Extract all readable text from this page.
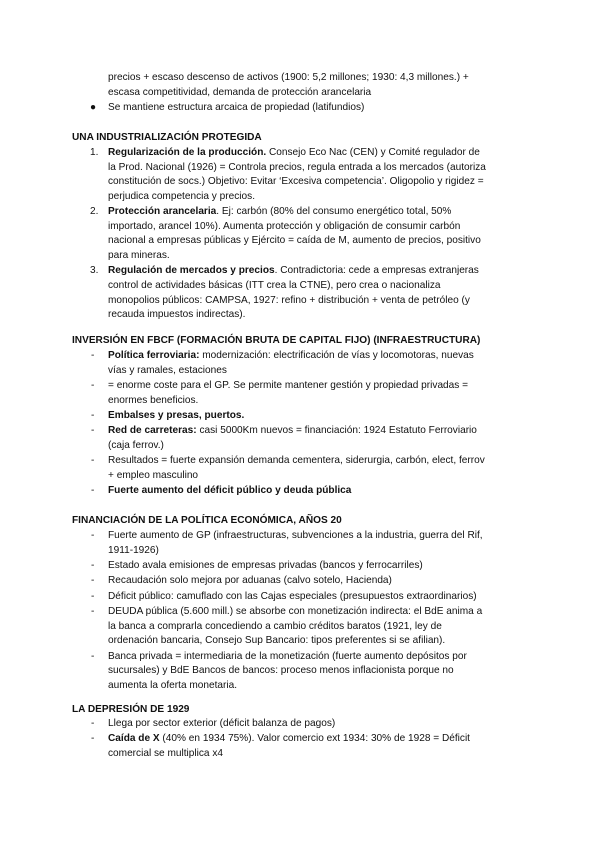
precios + escaso descenso de activos (1900: 5,2 millones; 1930: 4,3 millones.) +
escasa competitividad, demanda de protección arancelaria
● Se mantiene estructura arcaica de propiedad (latifundios)
UNA INDUSTRIALIZACIÓN PROTEGIDA
1. Regularización de la producción. Consejo Eco Nac (CEN) y Comité regulador de
la Prod. Nacional (1926) = Controla precios, regula entrada a los mercados (autoriza
constitución de socs.) Objetivo: Evitar ‘Excesiva competencia’. Oligopolio y rigidez =
perjudica competencia y precios.
2. Protección arancelaria. Ej: carbón (80% del consumo energético total, 50%
importado, arancel 10%). Aumenta protección y obligación de consumir carbón
nacional a empresas públicas y Ejército = caída de M, aumento de precios, positivo
para mineras.
3. Regulación de mercados y precios. Contradictoria: cede a empresas extranjeras
control de actividades básicas (ITT crea la CTNE), pero crea o nacionaliza
monopolios públicos: CAMPSA, 1927: refino + distribución + venta de petróleo (y
recauda impuestos indirectas).
INVERSIÓN EN FBCF (FORMACIÓN BRUTA DE CAPITAL FIJO) (INFRAESTRUCTURA)
- Política ferroviaria: modernización: electrificación de vías y locomotoras, nuevas
vías y ramales, estaciones
- = enorme coste para el GP. Se permite mantener gestión y propiedad privadas =
enormes beneficios.
- Embalses y presas, puertos.
- Red de carreteras: casi 5000Km nuevos = financiación: 1924 Estatuto Ferroviario
(caja ferrov.)
- Resultados = fuerte expansión demanda cementera, siderurgia, carbón, elect, ferrov
+ empleo masculino
- Fuerte aumento del déficit público y deuda pública
FINANCIACIÓN DE LA POLÍTICA ECONÓMICA, AÑOS 20
- Fuerte aumento de GP (infraestructuras, subvenciones a la industria, guerra del Rif,
1911-1926)
- Estado avala emisiones de empresas privadas (bancos y ferrocarriles)
- Recaudación solo mejora por aduanas (calvo sotelo, Hacienda)
- Déficit público: camuflado con las Cajas especiales (presupuestos extraordinarios)
- DEUDA pública (5.600 mill.) se absorbe con monetización indirecta: el BdE anima a
la banca a comprarla concediendo a cambio créditos baratos (1921, ley de
ordenación bancaria, Consejo Sup Bancario: tipos preferentes si se afilian).
- Banca privada = intermediaria de la monetización (fuerte aumento depósitos por
sucursales) y BdE Bancos de bancos: proceso menos inflacionista porque no
aumenta la oferta monetaria.
LA DEPRESIÓN DE 1929
- Llega por sector exterior (déficit balanza de pagos)
- Caída de X (40% en 1934 75%). Valor comercio ext 1934: 30% de 1928 = Déficit
comercial se multiplica x4
